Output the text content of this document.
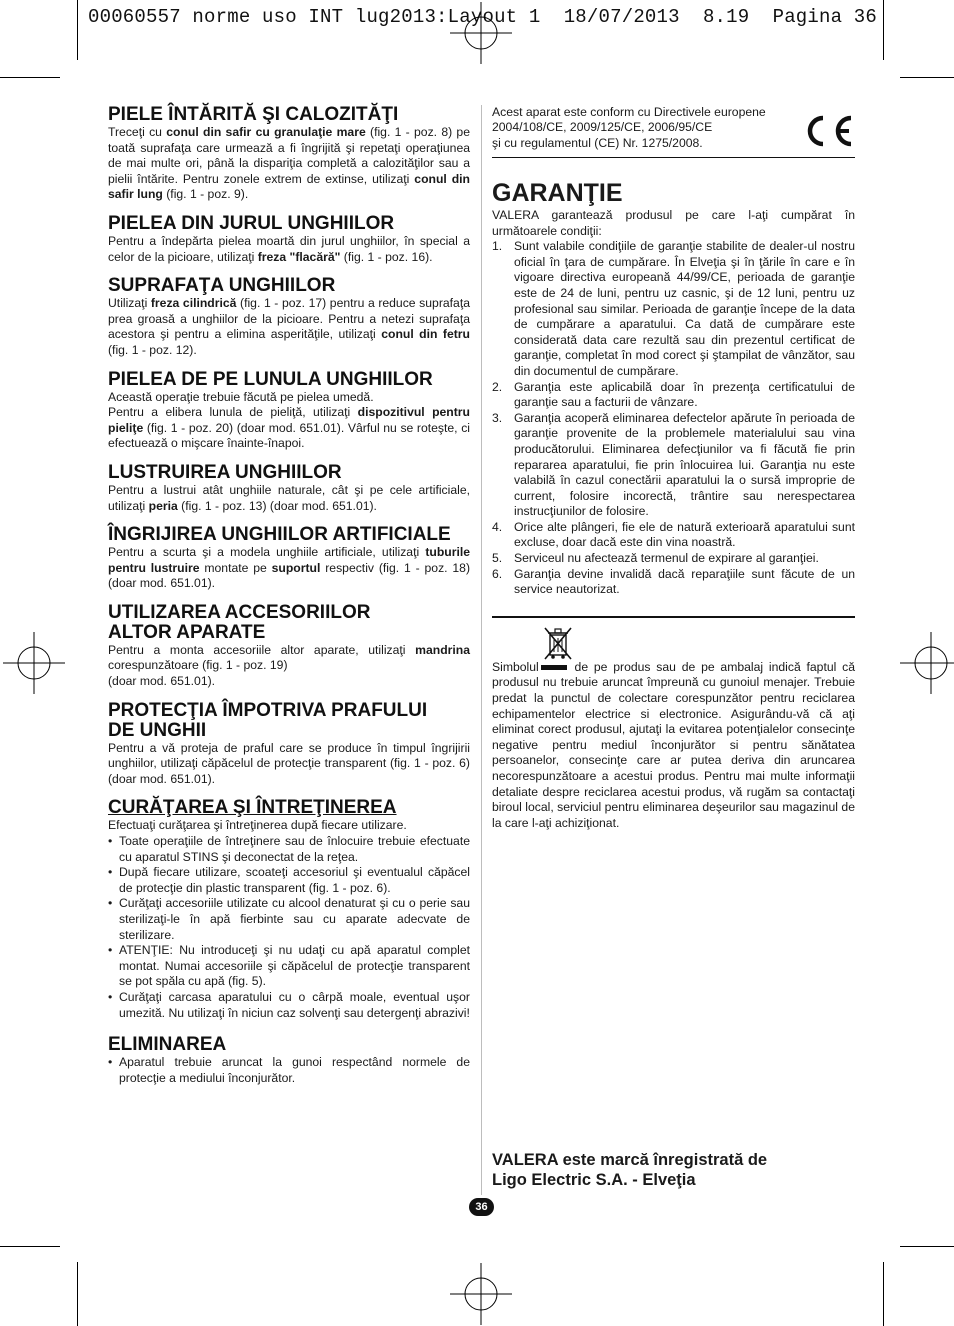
00060557 norme uso INT lug2013:Layout 1 18/07/2013 8.19 Pagina 36
PIELE ÎNTĂRITĂ ŞI CALOZITĂŢI

Treceţi cu conul din safir cu granulaţie mare (fig. 1 - poz. 8) pe toată suprafaţa care urmează a fi îngrijită şi repetaţi operaţiunea de mai multe ori, până la dispariţia completă a calozităţilor sau a pielii întărite. Pentru zonele extrem de extinse, utilizaţi conul din safir lung (fig. 1 - poz. 9).

PIELEA DIN JURUL UNGHIILOR

Pentru a îndepărta pielea moartă din jurul unghiilor, în special a celor de la picioare, utilizaţi freza "flacără" (fig. 1 - poz. 16).

SUPRAFAŢA UNGHIILOR

Utilizaţi freza cilindrică (fig. 1 - poz. 17) pentru a reduce suprafaţa prea groasă a unghiilor de la picioare. Pentru a netezi suprafaţa acestora şi pentru a elimina asperităţile, utilizaţi conul din fetru (fig. 1 - poz. 12).

PIELEA DE PE LUNULA UNGHIILOR

Această operaţie trebuie făcută pe pielea umedă.

Pentru a elibera lunula de pieliţă, utilizaţi dispozitivul pentru pieliţe (fig. 1 - poz. 20) (doar mod. 651.01). Vârful nu se roteşte, ci efectuează o mişcare înainte-înapoi.

LUSTRUIREA UNGHIILOR

Pentru a lustrui atât unghiile naturale, cât şi pe cele artificiale, utilizaţi peria (fig. 1 - poz. 13) (doar mod. 651.01).

ÎNGRIJIREA UNGHIILOR ARTIFICIALE

Pentru a scurta şi a modela unghiile artificiale, utilizaţi tuburile pentru lustruire montate pe suportul respectiv (fig. 1 - poz. 18) (doar mod. 651.01).

UTILIZAREA ACCESORIILOR ALTOR APARATE

Pentru a monta accesoriile altor aparate, utilizaţi mandrina corespunzătoare (fig. 1 - poz. 19)
(doar mod. 651.01).

PROTECŢIA ÎMPOTRIVA PRAFULUI DE UNGHII

Pentru a vă proteja de praful care se produce în timpul îngrijirii unghiilor, utilizaţi căpăcelul de protecţie transparent (fig. 1 - poz. 6) (doar mod. 651.01).

CURĂŢAREA ŞI ÎNTREŢINEREA

Efectuaţi curăţarea şi întreţinerea după fiecare utilizare.

• Toate operaţiile de întreţinere sau de înlocuire trebuie efectuate cu aparatul STINS şi deconectat de la reţea.
• După fiecare utilizare, scoateţi accesoriul şi eventualul căpăcel de protecţie din plastic transparent (fig. 1 - poz. 6).
• Curăţaţi accesoriile utilizate cu alcool denaturat şi cu o perie sau sterilizaţi-le în apă fierbinte sau cu aparate adecvate de sterilizare.
• ATENŢIE: Nu introduceţi şi nu udaţi cu apă aparatul complet montat. Numai accesoriile şi căpăcelul de protecţie transparent se pot spăla cu apă (fig. 5).
• Curăţaţi carcasa aparatului cu o cârpă moale, eventual uşor umezită. Nu utilizaţi în niciun caz solvenţi sau detergenţi abrazivi!
ELIMINAREA
• Aparatul trebuie aruncat la gunoi respectând normele de protecţie a mediului înconjurător.
Acest aparat este conform cu Directivele europene
2004/108/CE, 2009/125/CE, 2006/95/CE
şi cu regulamentul (CE) Nr. 1275/2008.
GARANŢIE

VALERA garantează produsul pe care l-aţi cumpărat în următoarele condiţii:

1. Sunt valabile condiţiile de garanţie stabilite de dealer-ul nostru oficial în ţara de cumpărare. În Elveţia şi în ţările în care e în vigoare directiva europeană 44/99/CE, perioada de garanţie este de 24 de luni, pentru uz casnic, şi de 12 luni, pentru uz profesional sau similar. Perioada de garanţie începe de la data de cumpărare a aparatului. Ca dată de cumpărare este considerată data care rezultă sau din prezentul certificat de garanţie, completat în mod corect şi ştampilat de vânzător, sau din documentul de cumpărare.
2. Garanţia este aplicabilă doar în prezenţa certificatului de garanţie sau a facturii de vânzare.
3. Garanţia acoperă eliminarea defectelor apărute în perioada de garanţie provenite de la problemele materialului sau vina producătorului. Eliminarea defecţiunilor va fi făcută fie prin repararea aparatului, fie prin înlocuirea lui. Garanţia nu este valabilă în cazul conectării aparatului la o sursă improprie de current, folosire incorectă, trântire sau nerespectarea instrucţiunilor de folosire.
4. Orice alte plângeri, fie ele de natură exterioară aparatului sunt excluse, doar dacă este din vina noastră.
5. Serviceul nu afectează termenul de expirare al garanţiei.
6. Garanţia devine invalidă dacă reparaţiile sunt făcute de un service neautorizat.

Simbolul de pe produs sau de pe ambalaj indică faptul că produsul nu trebuie aruncat împreună cu gunoiul menajer. Trebuie predat la punctul de colectare corespunzător pentru reciclarea echipamentelor electrice si electronice. Asigurându-vă că aţi eliminat corect produsul, ajutaţi la evitarea potenţialelor consecinţe negative pentru mediul înconjurător si pentru sănătatea persoanelor, consecinţe care ar putea deriva din aruncarea necorespunzătoare a acestui produs. Pentru mai multe informaţii detaliate despre reciclarea acestui produs, vă rugăm sa contactaţi biroul local, serviciul pentru eliminarea deşeurilor sau magazinul de la care l-aţi achiziţionat.

VALERA este marcă înregistrată de
Ligo Electric S.A. - Elveţia
36
